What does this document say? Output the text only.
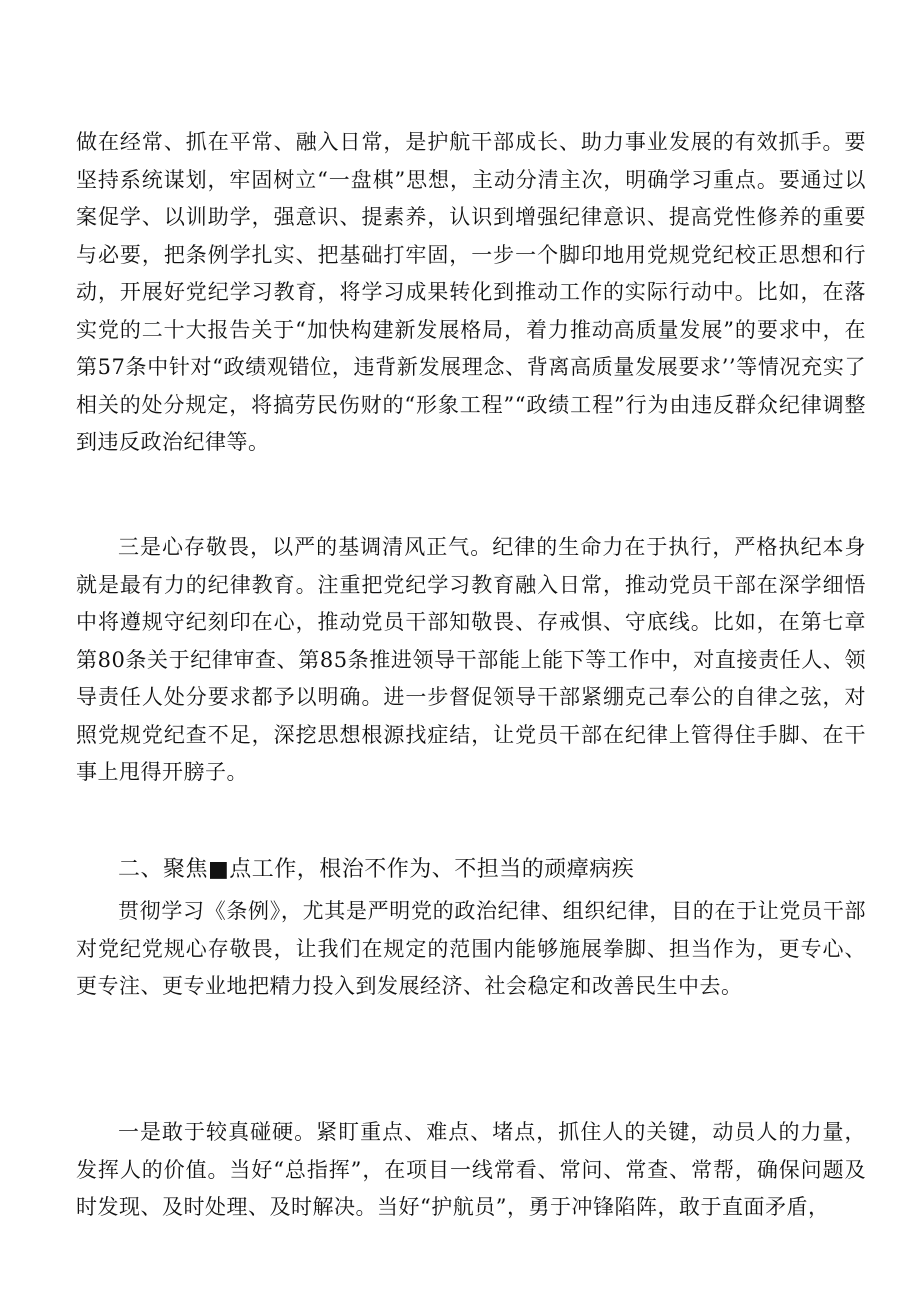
做在经常、抓在平常、融入日常，是护航干部成长、助力事业发展的有效抓手。要坚持系统谋划，牢固树立“一盘棋”思想，主动分清主次，明确学习重点。要通过以案促学、以训助学，强意识、提素养，认识到增强纪律意识、提高党性修养的重要与必要，把条例学扎实、把基础打牢固，一步一个脚印地用党规党纪校正思想和行动，开展好党纪学习教育，将学习成果转化到推动工作的实际行动中。比如，在落实党的二十大报告关于“加快构建新发展格局，着力推动高质量发展”的要求中，在第57条中针对“政绩观错位，违背新发展理念、背离高质量发展要求’’等情况充实了相关的处分规定，将搞劳民伤财的“形象工程”“政绩工程”行为由违反群众纪律调整到违反政治纪律等。

三是心存敬畏，以严的基调清风正气。纪律的生命力在于执行，严格执纪本身就是最有力的纪律教育。注重把党纪学习教育融入日常，推动党员干部在深学细悟中将遵规守纪刻印在心，推动党员干部知敬畏、存戒惧、守底线。比如，在第七章第80条关于纪律审查、第85条推进领导干部能上能下等工作中，对直接责任人、领导责任人处分要求都予以明确。进一步督促领导干部紧绷克己奉公的自律之弦，对照党规党纪查不足，深挖思想根源找症结，让党员干部在纪律上管得住手脚、在干事上甩得开膀子。

二、聚焦■点工作，根治不作为、不担当的顽瘴病疾

贯彻学习《条例》，尤其是严明党的政治纪律、组织纪律，目的在于让党员干部对党纪党规心存敬畏，让我们在规定的范围内能够施展拳脚、担当作为，更专心、更专注、更专业地把精力投入到发展经济、社会稳定和改善民生中去。

一是敢于较真碰硬。紧盯重点、难点、堵点，抓住人的关键，动员人的力量，发挥人的价值。当好“总指挥”，在项目一线常看、常问、常查、常帮，确保问题及时发现、及时处理、及时解决。当好“护航员”，勇于冲锋陷阵，敢于直面矛盾，
